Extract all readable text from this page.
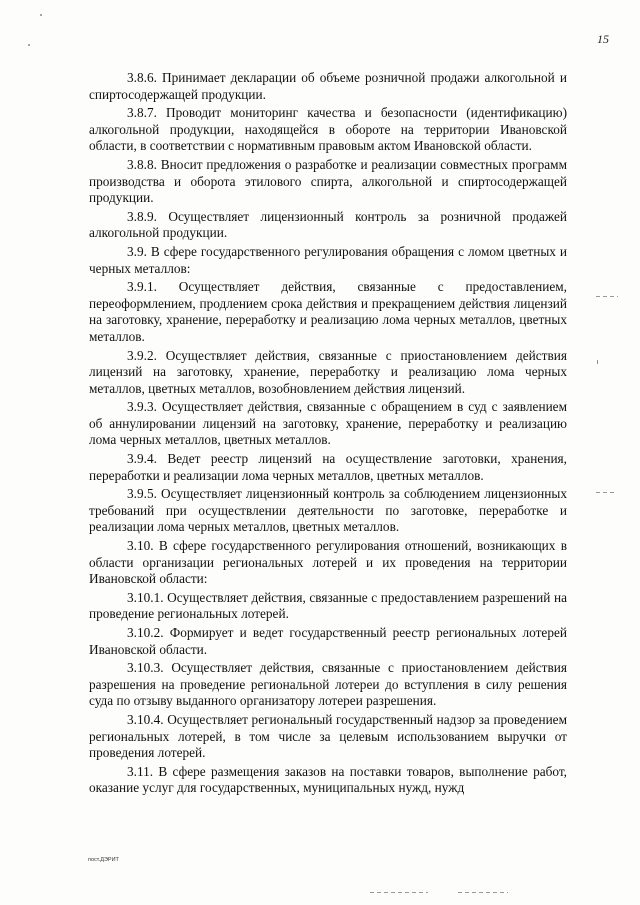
15

3.8.6. Принимает декларации об объеме розничной продажи алкогольной и спиртосодержащей продукции.

3.8.7. Проводит мониторинг качества и безопасности (идентификацию) алкогольной продукции, находящейся в обороте на территории Ивановской области, в соответствии с нормативным правовым актом Ивановской области.

3.8.8. Вносит предложения о разработке и реализации совместных программ производства и оборота этилового спирта, алкогольной и спиртосодержащей продукции.

3.8.9. Осуществляет лицензионный контроль за розничной продажей алкогольной продукции.

3.9. В сфере государственного регулирования обращения с ломом цветных и черных металлов:

3.9.1. Осуществляет действия, связанные с предоставлением, переоформлением, продлением срока действия и прекращением действия лицензий на заготовку, хранение, переработку и реализацию лома черных металлов, цветных металлов.

3.9.2. Осуществляет действия, связанные с приостановлением действия лицензий на заготовку, хранение, переработку и реализацию лома черных металлов, цветных металлов, возобновлением действия лицензий.

3.9.3. Осуществляет действия, связанные с обращением в суд с заявлением об аннулировании лицензий на заготовку, хранение, переработку и реализацию лома черных металлов, цветных металлов.

3.9.4. Ведет реестр лицензий на осуществление заготовки, хранения, переработки и реализации лома черных металлов, цветных металлов.

3.9.5. Осуществляет лицензионный контроль за соблюдением лицензионных требований при осуществлении деятельности по заготовке, переработке и реализации лома черных металлов, цветных металлов.

3.10. В сфере государственного регулирования отношений, возникающих в области организации региональных лотерей и их проведения на территории Ивановской области:

3.10.1. Осуществляет действия, связанные с предоставлением разрешений на проведение региональных лотерей.

3.10.2. Формирует и ведет государственный реестр региональных лотерей Ивановской области.

3.10.3. Осуществляет действия, связанные с приостановлением действия разрешения на проведение региональной лотереи до вступления в силу решения суда по отзыву выданного организатору лотереи разрешения.

3.10.4. Осуществляет региональный государственный надзор за проведением региональных лотерей, в том числе за целевым использованием выручки от проведения лотерей.

3.11. В сфере размещения заказов на поставки товаров, выполнение работ, оказание услуг для государственных, муниципальных нужд, нужд

пост.ДЭРИТ
